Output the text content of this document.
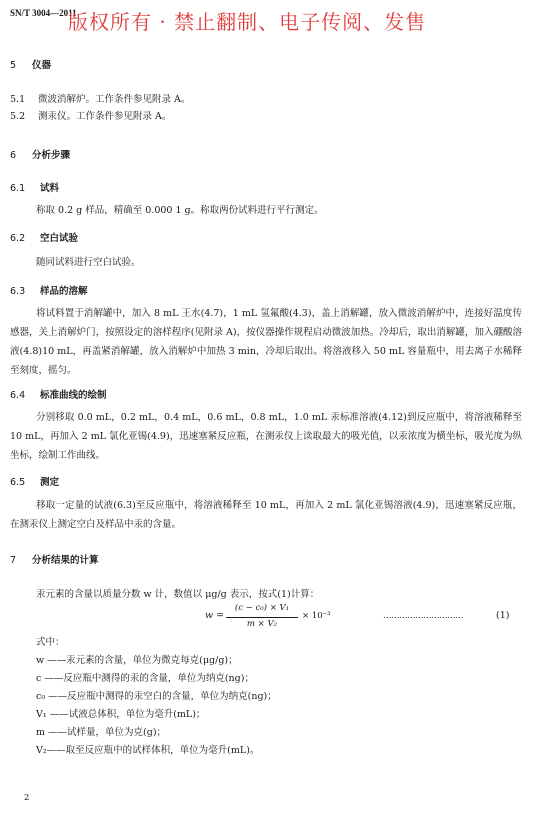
SN/T 3004—2011
版权所有 · 禁止翻制、电子传阅、发售
5 仪器
5.1 微波消解炉。工作条件参见附录 A。
5.2 测汞仪。工作条件参见附录 A。
6 分析步骤
6.1 试料
称取 0.2 g 样品，精确至 0.000 1 g。称取两份试料进行平行测定。
6.2 空白试验
随同试料进行空白试验。
6.3 样品的溶解
将试料置于消解罐中，加入 8 mL 王水(4.7)，1 mL 氢氟酸(4.3)，盖上消解罐，放入微波消解炉中，连接好温度传感器，关上消解炉门，按照设定的溶样程序(见附录 A)，按仪器操作规程启动微波加热。冷却后，取出消解罐，加入硼酸溶液(4.8)10 mL，再盖紧消解罐，放入消解炉中加热 3 min，冷却后取出。将溶液移入 50 mL 容量瓶中，用去离子水稀释至刻度，摇匀。
6.4 标准曲线的绘制
分别移取 0.0 mL，0.2 mL，0.4 mL，0.6 mL，0.8 mL，1.0 mL 汞标准溶液(4.12)到反应瓶中，将溶液稀释至 10 mL，再加入 2 mL 氯化亚锡(4.9)，迅速塞紧反应瓶，在测汞仪上读取最大的吸光值，以汞浓度为横坐标，吸光度为纵坐标，绘制工作曲线。
6.5 测定
移取一定量的试液(6.3)至反应瓶中，将溶液稀释至 10 mL，再加入 2 mL 氯化亚锡溶液(4.9)，迅速塞紧反应瓶，在测汞仪上测定空白及样品中汞的含量。
7 分析结果的计算
汞元素的含量以质量分数 w 计，数值以 μg/g 表示，按式(1)计算：
w =
(c − c₀) × V₁
m × V₂
× 10⁻³	…………………………	(1)
式中：
w ——汞元素的含量，单位为微克每克(μg/g)；
c ——反应瓶中测得的汞的含量，单位为纳克(ng)；
c₀ ——反应瓶中测得的汞空白的含量，单位为纳克(ng)；
V₁ ——试液总体积，单位为毫升(mL)；
m ——试样量，单位为克(g)；
V₂——取至反应瓶中的试样体积，单位为毫升(mL)。
2
